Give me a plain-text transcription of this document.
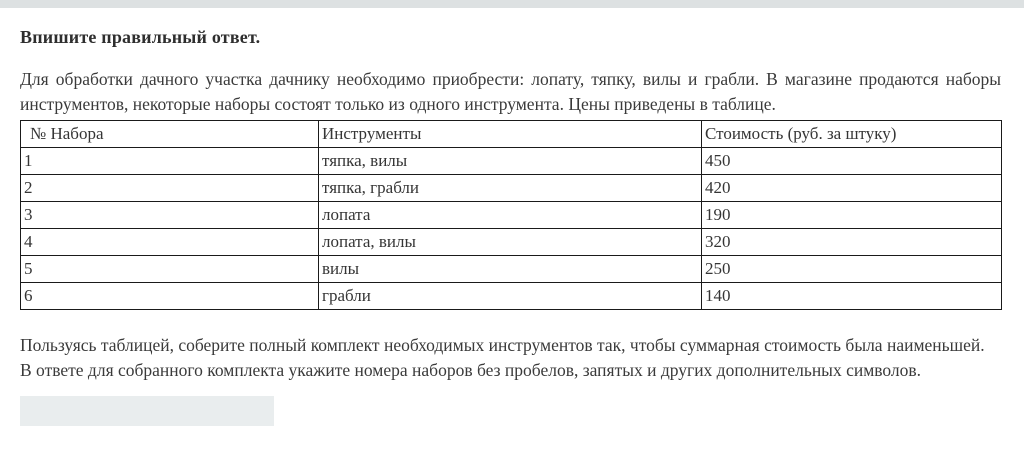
Впишите правильный ответ.

Для обработки дачного участка дачнику необходимо приобрести: лопату, тяпку, вилы и грабли. В магазине продаются наборы инструментов, некоторые наборы состоят только из одного инструмента. Цены приведены в таблице.

№ Набора	Инструменты	Стоимость (руб. за штуку)
1	тяпка, вилы	450
2	тяпка, грабли	420
3	лопата	190
4	лопата, вилы	320
5	вилы	250
6	грабли	140

Пользуясь таблицей, соберите полный комплект необходимых инструментов так, чтобы суммарная стоимость была наименьшей.

В ответе для собранного комплекта укажите номера наборов без пробелов, запятых и других дополнительных символов.
